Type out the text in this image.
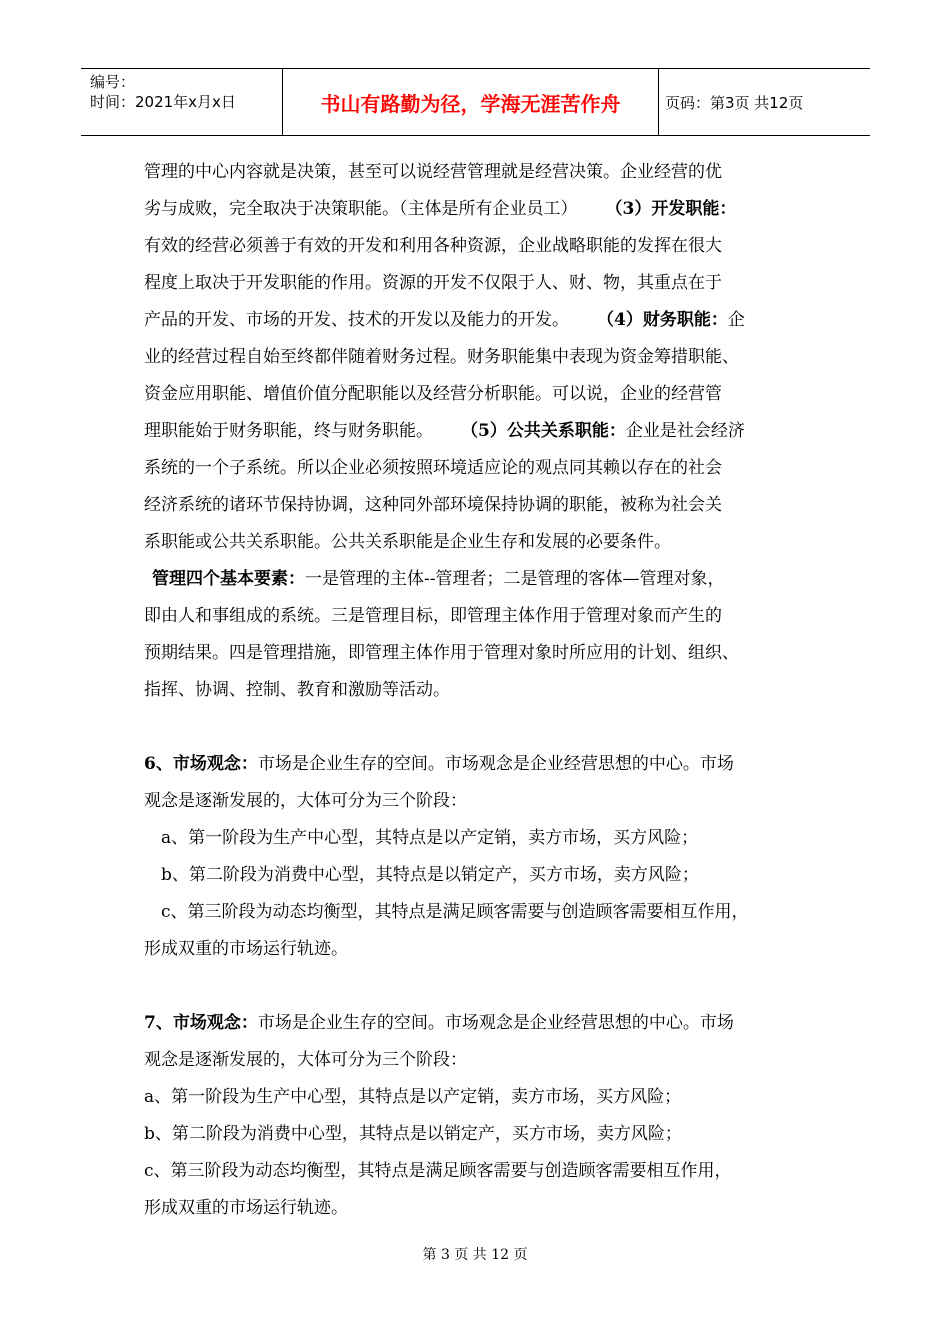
编号：
时间：2021年x月x日	书山有路勤为径，学海无涯苦作舟	页码：第3页 共12页

管理的中心内容就是决策，甚至可以说经营管理就是经营决策。企业经营的优

劣与成败，完全取决于决策职能。（主体是所有企业员工） （3）开发职能：

有效的经营必须善于有效的开发和利用各种资源，企业战略职能的发挥在很大

程度上取决于开发职能的作用。资源的开发不仅限于人、财、物，其重点在于

产品的开发、市场的开发、技术的开发以及能力的开发。 （4）财务职能：企

业的经营过程自始至终都伴随着财务过程。财务职能集中表现为资金筹措职能、

资金应用职能、增值价值分配职能以及经营分析职能。可以说，企业的经营管

理职能始于财务职能，终与财务职能。 （5）公共关系职能：企业是社会经济

系统的一个子系统。所以企业必须按照环境适应论的观点同其赖以存在的社会

经济系统的诸环节保持协调，这种同外部环境保持协调的职能，被称为社会关

系职能或公共关系职能。公共关系职能是企业生存和发展的必要条件。

管理四个基本要素：一是管理的主体--管理者；二是管理的客体—管理对象，

即由人和事组成的系统。三是管理目标，即管理主体作用于管理对象而产生的

预期结果。四是管理措施，即管理主体作用于管理对象时所应用的计划、组织、

指挥、协调、控制、教育和激励等活动。

6、市场观念：市场是企业生存的空间。市场观念是企业经营思想的中心。市场

观念是逐渐发展的，大体可分为三个阶段：

a、第一阶段为生产中心型，其特点是以产定销，卖方市场，买方风险；

b、第二阶段为消费中心型，其特点是以销定产，买方市场，卖方风险；

c、第三阶段为动态均衡型，其特点是满足顾客需要与创造顾客需要相互作用，

形成双重的市场运行轨迹。

7、市场观念：市场是企业生存的空间。市场观念是企业经营思想的中心。市场

观念是逐渐发展的，大体可分为三个阶段：

a、第一阶段为生产中心型，其特点是以产定销，卖方市场，买方风险；

b、第二阶段为消费中心型，其特点是以销定产，买方市场，卖方风险；

c、第三阶段为动态均衡型，其特点是满足顾客需要与创造顾客需要相互作用，

形成双重的市场运行轨迹。

第 3 页 共 12 页
